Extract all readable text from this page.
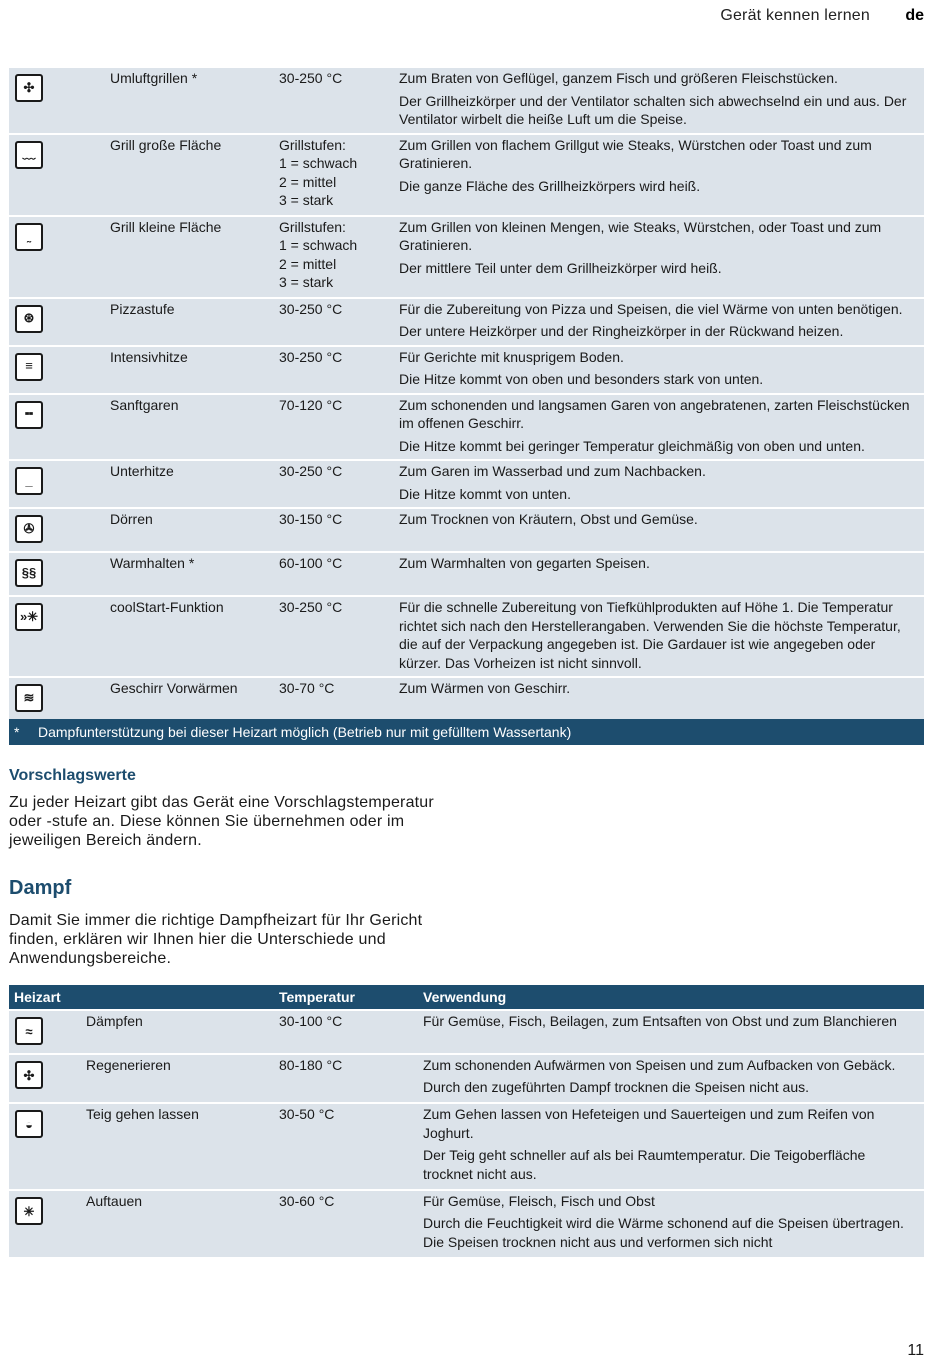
Gerät kennen lernen de
✣
Umluftgrillen *	30-250 °C	Zum Braten von Geflügel, ganzem Fisch und größeren Fleischstücken.

Der Grillheizkörper und der Ventilator schalten sich abwechselnd ein und aus. Der Ventilator wirbelt die heiße Luft um die Speise.

﹏
Grill große Fläche	Grillstufen:
1 = schwach
2 = mittel
3 = stark

Zum Grillen von flachem Grillgut wie Steaks, Würstchen oder Toast und zum Gratinieren.

Die ganze Fläche des Grillheizkörpers wird heiß.

˷
Grill kleine Fläche	Grillstufen:
1 = schwach
2 = mittel
3 = stark

Zum Grillen von kleinen Mengen, wie Steaks, Würstchen, oder Toast und zum Gratinieren.

Der mittlere Teil unter dem Grillheizkörper wird heiß.

⊛
Pizzastufe	30-250 °C	Für die Zubereitung von Pizza und Speisen, die viel Wärme von unten benötigen.

Der untere Heizkörper und der Ringheizkörper in der Rückwand heizen.

≡
Intensivhitze	30-250 °C	Für Gerichte mit knusprigem Boden.

Die Hitze kommt von oben und besonders stark von unten.

╍
Sanftgaren	70-120 °C	Zum schonenden und langsamen Garen von angebratenen, zarten Fleischstücken im offenen Geschirr.

Die Hitze kommt bei geringer Temperatur gleichmäßig von oben und unten.

_
Unterhitze	30-250 °C	Zum Garen im Wasserbad und zum Nachbacken.

Die Hitze kommt von unten.

✇
Dörren	30-150 °C	Zum Trocknen von Kräutern, Obst und Gemüse.

§§
Warmhalten *	60-100 °C	Zum Warmhalten von gegarten Speisen.

»✳
coolStart-Funktion	30-250 °C	Für die schnelle Zubereitung von Tiefkühlprodukten auf Höhe 1. Die Temperatur richtet sich nach den Herstellerangaben. Verwenden Sie die höchste Temperatur, die auf der Verpackung angegeben ist. Die Gardauer ist wie angegeben oder kürzer. Das Vorheizen ist nicht sinnvoll.

≋
Geschirr Vorwärmen	30-70 °C	Zum Wärmen von Geschirr.

* Dampfunterstützung bei dieser Heizart möglich (Betrieb nur mit gefülltem Wassertank)
Vorschlagswerte
Zu jeder Heizart gibt das Gerät eine Vorschlagstemperatur oder -stufe an. Diese können Sie übernehmen oder im jeweiligen Bereich ändern.
Dampf
Damit Sie immer die richtige Dampfheizart für Ihr Gericht finden, erklären wir Ihnen hier die Unterschiede und Anwendungsbereiche.
Heizart	Temperatur	Verwendung
≈
Dämpfen	30-100 °C	Für Gemüse, Fisch, Beilagen, zum Entsaften von Obst und zum Blanchieren

✣
Regenerieren	80-180 °C	Zum schonenden Aufwärmen von Speisen und zum Aufbacken von Gebäck.

Durch den zugeführten Dampf trocknen die Speisen nicht aus.

◒
Teig gehen lassen	30-50 °C	Zum Gehen lassen von Hefeteigen und Sauerteigen und zum Reifen von Joghurt.

Der Teig geht schneller auf als bei Raumtemperatur. Die Teigoberfläche trocknet nicht aus.

✳
Auftauen	30-60 °C	Für Gemüse, Fleisch, Fisch und Obst

Durch die Feuchtigkeit wird die Wärme schonend auf die Speisen übertragen. Die Speisen trocknen nicht aus und verformen sich nicht

11
